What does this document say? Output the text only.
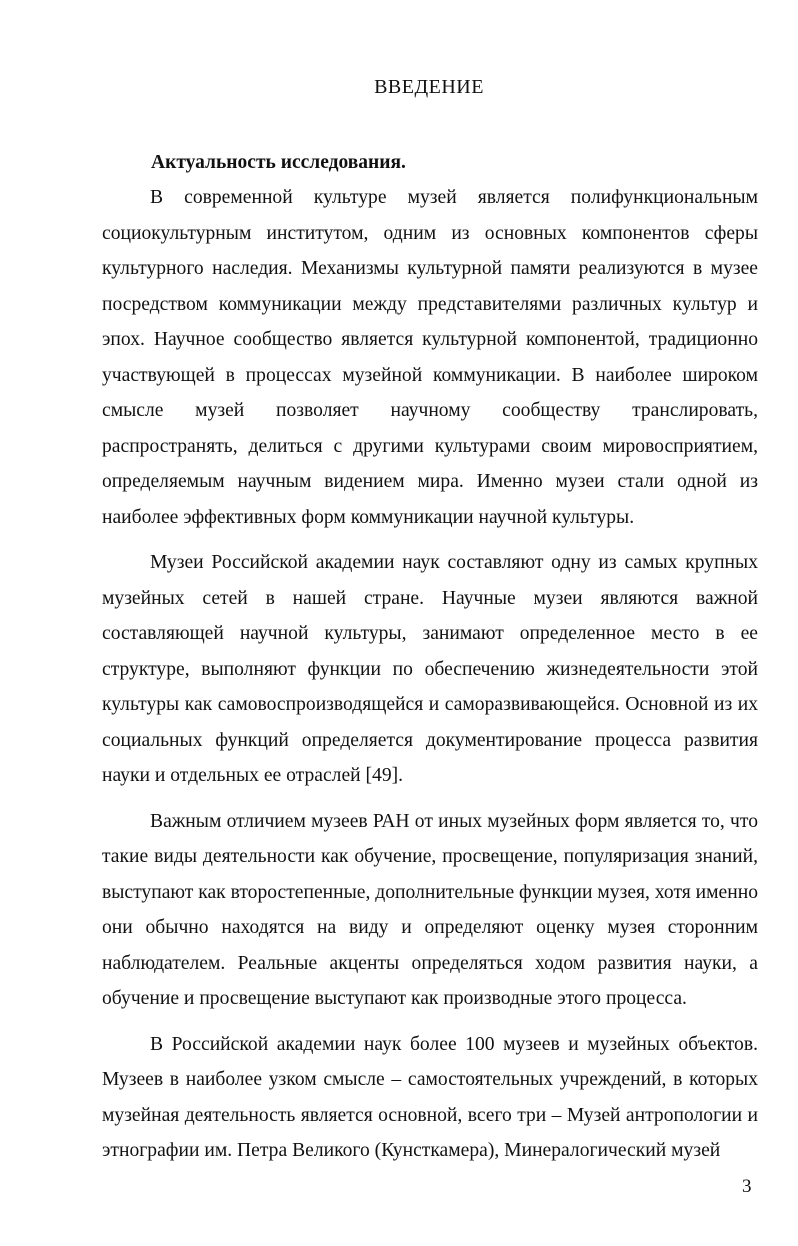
ВВЕДЕНИЕ
Актуальность исследования.

В современной культуре музей является полифункциональным социокультурным институтом, одним из основных компонентов сферы культурного наследия. Механизмы культурной памяти реализуются в музее посредством коммуникации между представителями различных культур и эпох. Научное сообщество является культурной компонентой, традиционно участвующей в процессах музейной коммуникации. В наиболее широком смысле музей позволяет научному сообществу транслировать, распространять, делиться с другими культурами своим мировосприятием, определяемым научным видением мира. Именно музеи стали одной из наиболее эффективных форм коммуникации научной культуры.

Музеи Российской академии наук составляют одну из самых крупных музейных сетей в нашей стране. Научные музеи являются важной составляющей научной культуры, занимают определенное место в ее структуре, выполняют функции по обеспечению жизнедеятельности этой культуры как самовоспроизводящейся и саморазвивающейся. Основной из их социальных функций определяется документирование процесса развития науки и отдельных ее отраслей [49].

Важным отличием музеев РАН от иных музейных форм является то, что такие виды деятельности как обучение, просвещение, популяризация знаний, выступают как второстепенные, дополнительные функции музея, хотя именно они обычно находятся на виду и определяют оценку музея сторонним наблюдателем. Реальные акценты определяться ходом развития науки, а обучение и просвещение выступают как производные этого процесса.

В Российской академии наук более 100 музеев и музейных объектов. Музеев в наиболее узком смысле – самостоятельных учреждений, в которых музейная деятельность является основной, всего три – Музей антропологии и этнографии им. Петра Великого (Кунсткамера), Минералогический музей

3
